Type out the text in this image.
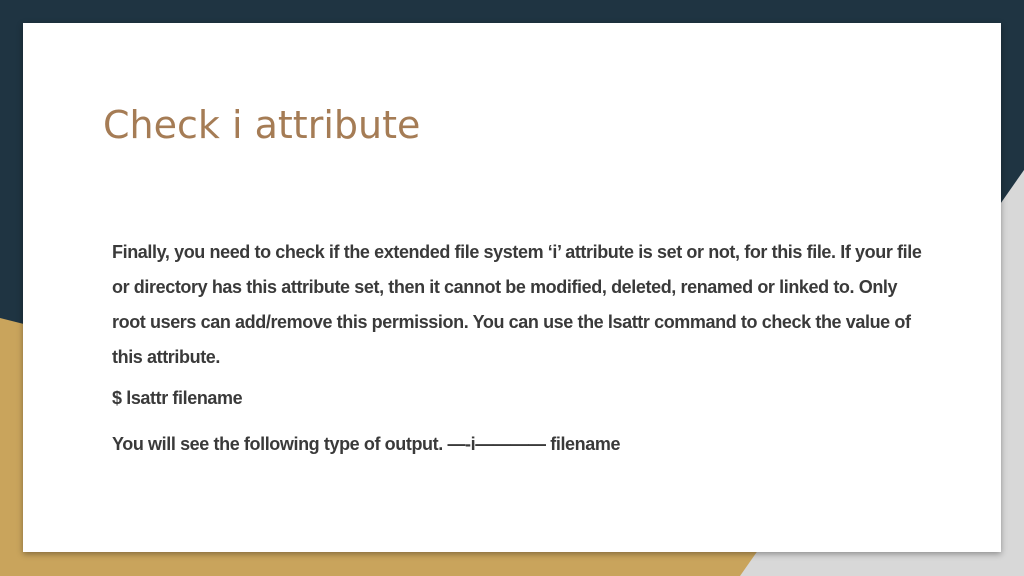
Check i attribute

Finally, you need to check if the extended file system ‘i’ attribute is set or not, for this file. If your file or directory has this attribute set, then it cannot be modified, deleted, renamed or linked to. Only root users can add/remove this permission. You can use the lsattr command to check the value of this attribute.

$ lsattr filename

You will see the following type of output. —-i———— filename
